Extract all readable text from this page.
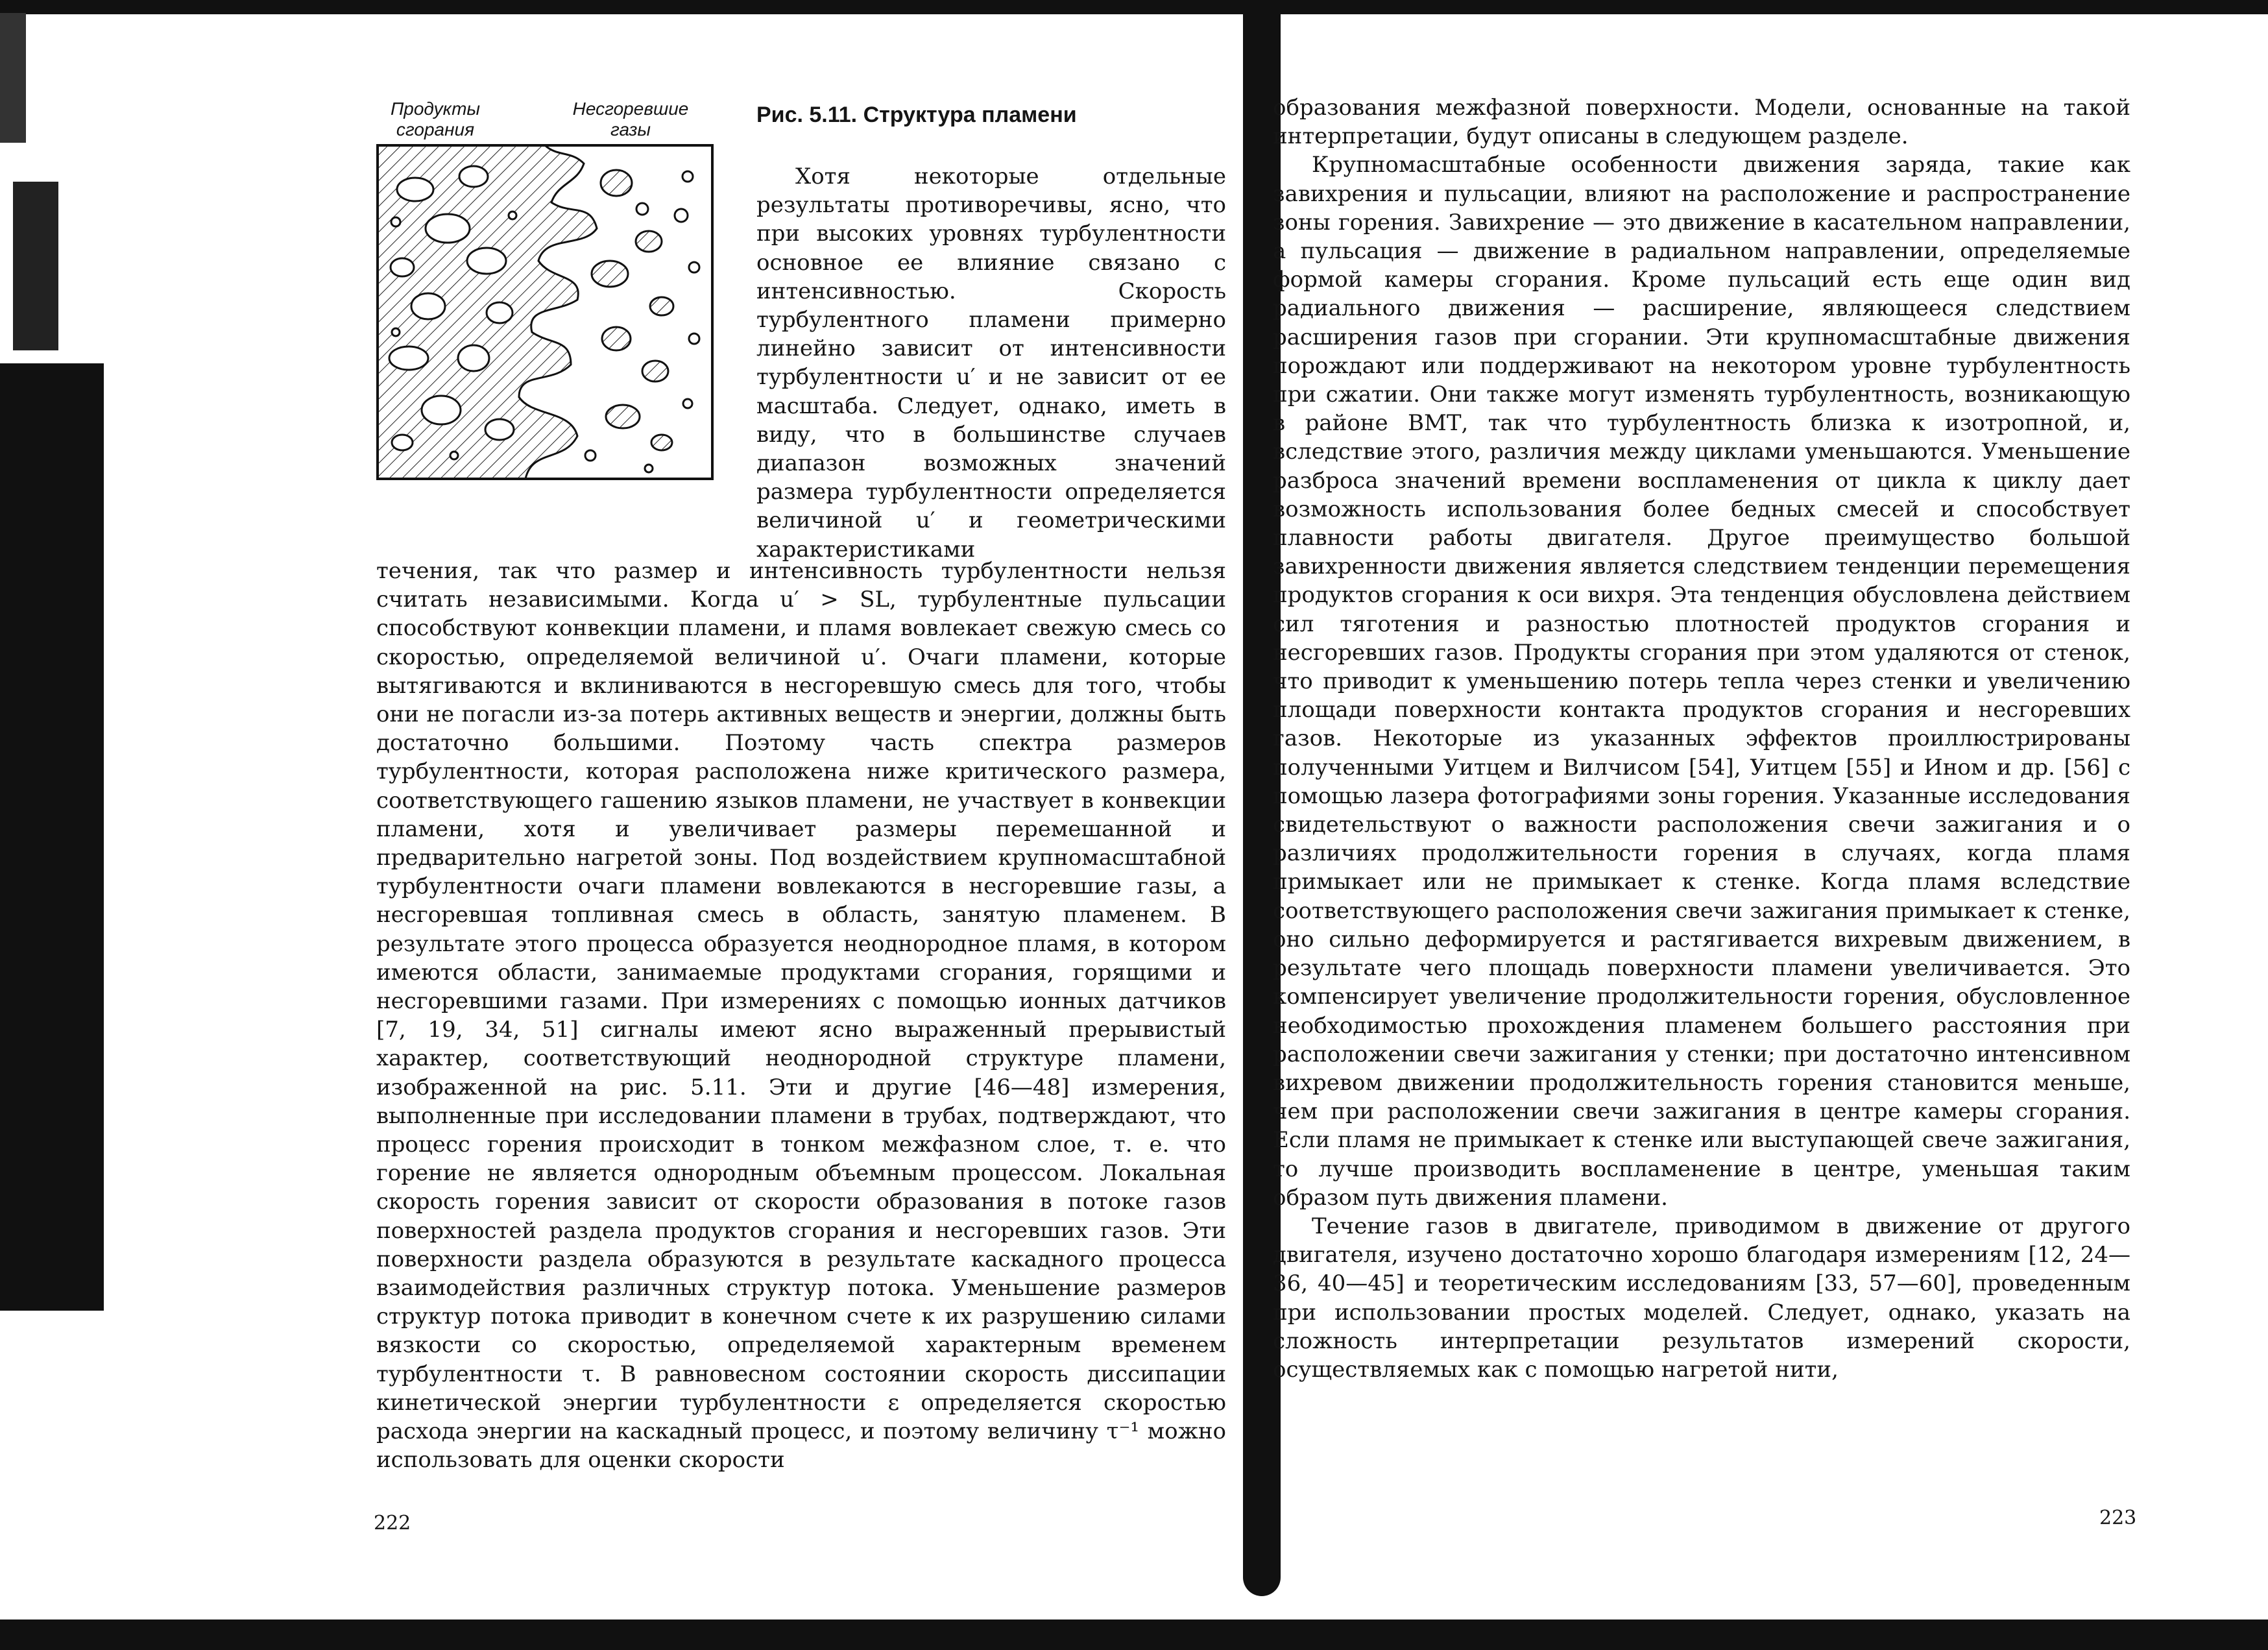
Продукты сгорания
Несгоревшие газы
Рис. 5.11. Структура пламени

Хотя некоторые отдельные результаты противоречивы, ясно, что при высоких уровнях турбулентности основное ее влияние связано с интенсивностью. Скорость турбулентного пламени примерно линейно зависит от интенсивности турбулентности u′ и не зависит от ее масштаба. Следует, однако, иметь в виду, что в большинстве случаев диапазон возможных значений размера турбулентности определяется величиной u′ и геометрическими характеристиками

течения, так что размер и интенсивность турбулентности нельзя считать независимыми. Когда u′ > SL, турбулентные пульсации способствуют конвекции пламени, и пламя вовлекает свежую смесь со скоростью, определяемой величиной u′. Очаги пламени, которые вытягиваются и вклиниваются в несгоревшую смесь для того, чтобы они не погасли из-за потерь активных веществ и энергии, должны быть достаточно большими. Поэтому часть спектра размеров турбулентности, которая расположена ниже критического размера, соответствующего гашению языков пламени, не участвует в конвекции пламени, хотя и увеличивает размеры перемешанной и предварительно нагретой зоны. Под воздействием крупномасштабной турбулентности очаги пламени вовлекаются в несгоревшие газы, а несгоревшая топливная смесь в область, занятую пламенем. В результате этого процесса образуется неоднородное пламя, в котором имеются области, занимаемые продуктами сгорания, горящими и несгоревшими газами. При измерениях с помощью ионных датчиков [7, 19, 34, 51] сигналы имеют ясно выраженный прерывистый характер, соответствующий неоднородной структуре пламени, изображенной на рис. 5.11. Эти и другие [46—48] измерения, выполненные при исследовании пламени в трубах, подтверждают, что процесс горения происходит в тонком межфазном слое, т. е. что горение не является однородным объемным процессом. Локальная скорость горения зависит от скорости образования в потоке газов поверхностей раздела продуктов сгорания и несгоревших газов. Эти поверхности раздела образуются в результате каскадного процесса взаимодействия различных структур потока. Уменьшение размеров структур потока приводит в конечном счете к их разрушению силами вязкости со скоростью, определяемой характерным временем турбулентности τ. В равновесном состоянии скорость диссипации кинетической энергии турбулентности ε определяется скоростью расхода энергии на каскадный процесс, и поэтому величину τ⁻¹ можно использовать для оценки скорости

222

образования межфазной поверхности. Модели, основанные на такой интерпретации, будут описаны в следующем разделе.

Крупномасштабные особенности движения заряда, такие как завихрения и пульсации, влияют на расположение и распространение зоны горения. Завихрение — это движение в касательном направлении, а пульсация — движение в радиальном направлении, определяемые формой камеры сгорания. Кроме пульсаций есть еще один вид радиального движения — расширение, являющееся следствием расширения газов при сгорании. Эти крупномасштабные движения порождают или поддерживают на некотором уровне турбулентность при сжатии. Они также могут изменять турбулентность, возникающую в районе ВМТ, так что турбулентность близка к изотропной, и, вследствие этого, различия между циклами уменьшаются. Уменьшение разброса значений времени воспламенения от цикла к циклу дает возможность использования более бедных смесей и способствует плавности работы двигателя. Другое преимущество большой завихренности движения является следствием тенденции перемещения продуктов сгорания к оси вихря. Эта тенденция обусловлена действием сил тяготения и разностью плотностей продуктов сгорания и несгоревших газов. Продукты сгорания при этом удаляются от стенок, что приводит к уменьшению потерь тепла через стенки и увеличению площади поверхности контакта продуктов сгорания и несгоревших газов. Некоторые из указанных эффектов проиллюстрированы полученными Уитцем и Вилчисом [54], Уитцем [55] и Ином и др. [56] с помощью лазера фотографиями зоны горения. Указанные исследования свидетельствуют о важности расположения свечи зажигания и о различиях продолжительности горения в случаях, когда пламя примыкает или не примыкает к стенке. Когда пламя вследствие соответствующего расположения свечи зажигания примыкает к стенке, оно сильно деформируется и растягивается вихревым движением, в результате чего площадь поверхности пламени увеличивается. Это компенсирует увеличение продолжительности горения, обусловленное необходимостью прохождения пламенем большего расстояния при расположении свечи зажигания у стенки; при достаточно интенсивном вихревом движении продолжительность горения становится меньше, чем при расположении свечи зажигания в центре камеры сгорания. Если пламя не примыкает к стенке или выступающей свече зажигания, то лучше производить воспламенение в центре, уменьшая таким образом путь движения пламени.

Течение газов в двигателе, приводимом в движение от другого двигателя, изучено достаточно хорошо благодаря измерениям [12, 24—36, 40—45] и теоретическим исследованиям [33, 57—60], проведенным при использовании простых моделей. Следует, однако, указать на сложность интерпретации результатов измерений скорости, осуществляемых как с помощью нагретой нити,

223
